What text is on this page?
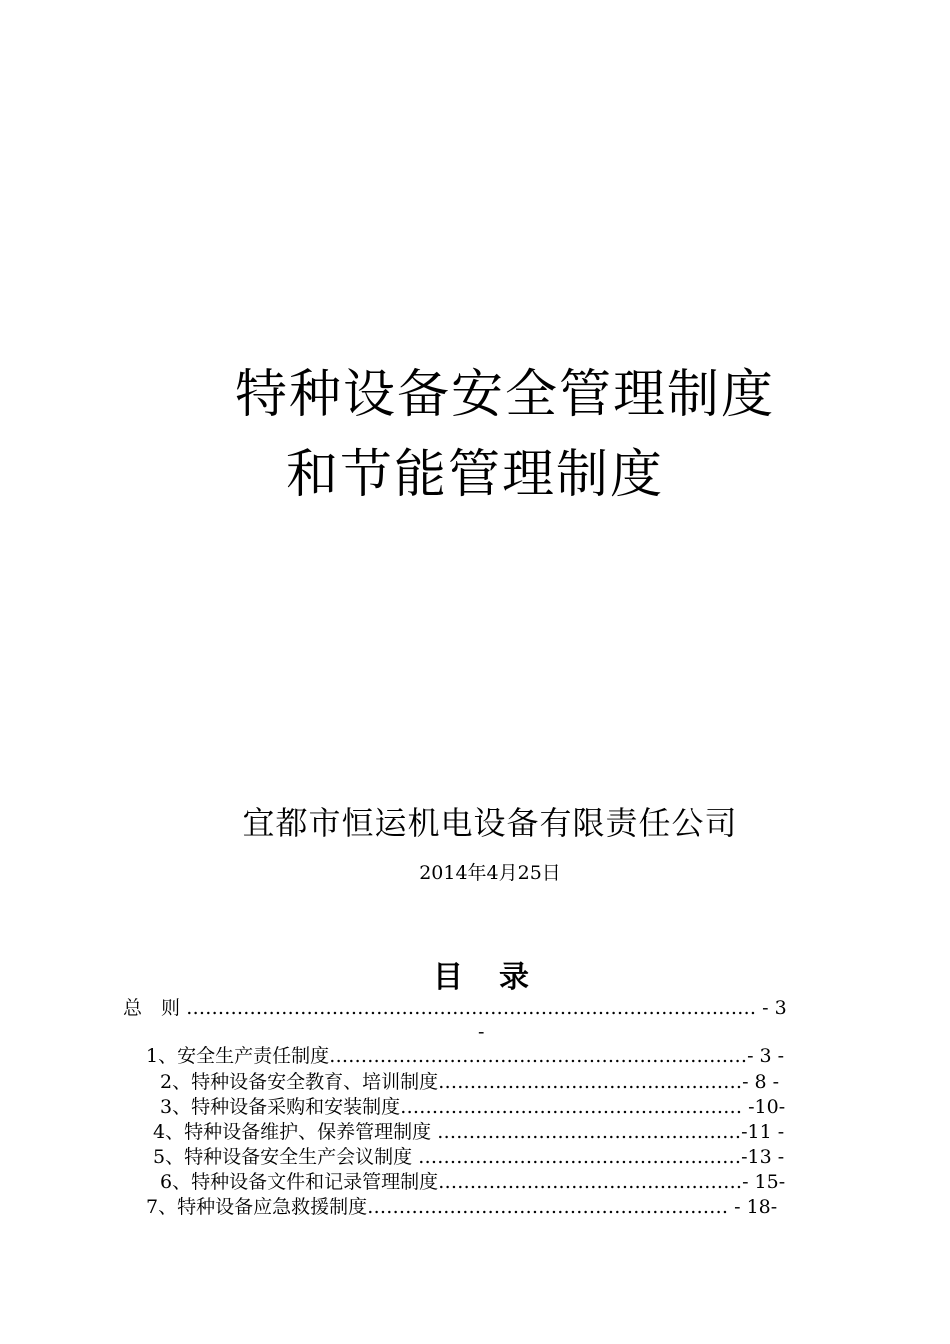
特种设备安全管理制度
和节能管理制度
宜都市恒运机电设备有限责任公司
2014年4月25日
目录
总　则 ……………………………………………………………………………… - 3
-
1、安全生产责任制度…………………………………………………………- 3 -
2、特种设备安全教育、培训制度…………………………………………- 8 -
3、特种设备采购和安装制度……………………………………………… -10-
4、特种设备维护、保养管理制度 …………………………………………-11 -
5、特种设备安全生产会议制度 ……………………………………………-13 -
6、特种设备文件和记录管理制度…………………………………………- 15-
7、特种设备应急救援制度………………………………………………… - 18-
